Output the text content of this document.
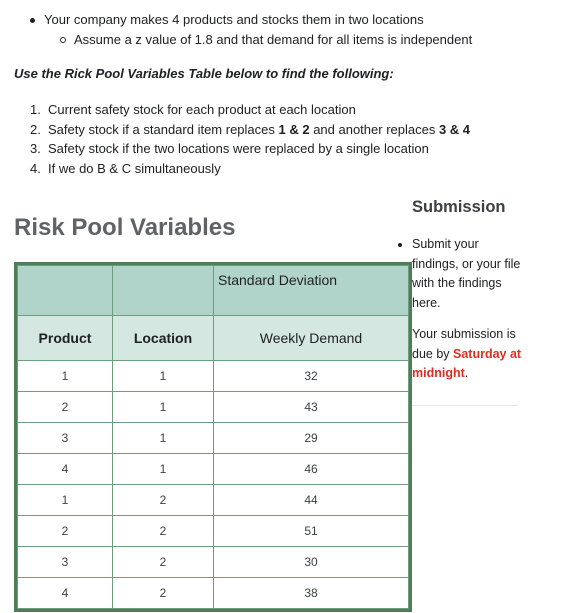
Your company makes 4 products and stocks them in two locations
Assume a z value of 1.8 and that demand for all items is independent

Use the Rick Pool Variables Table below to find the following:

1. Current safety stock for each product at each location
2. Safety stock if a standard item replaces 1 & 2 and another replaces 3 & 4
3. Safety stock if the two locations were replaced by a single location
4. If we do B & C simultaneously
Risk Pool Variables
		Standard Deviation
Product	Location	Weekly Demand
1	1	32
2	1	43
3	1	29
4	1	46
1	2	44
2	2	51
3	2	30
4	2	38
Submission
Submit your findings, or your file with the findings here.
Your submission is due by Saturday at midnight.
